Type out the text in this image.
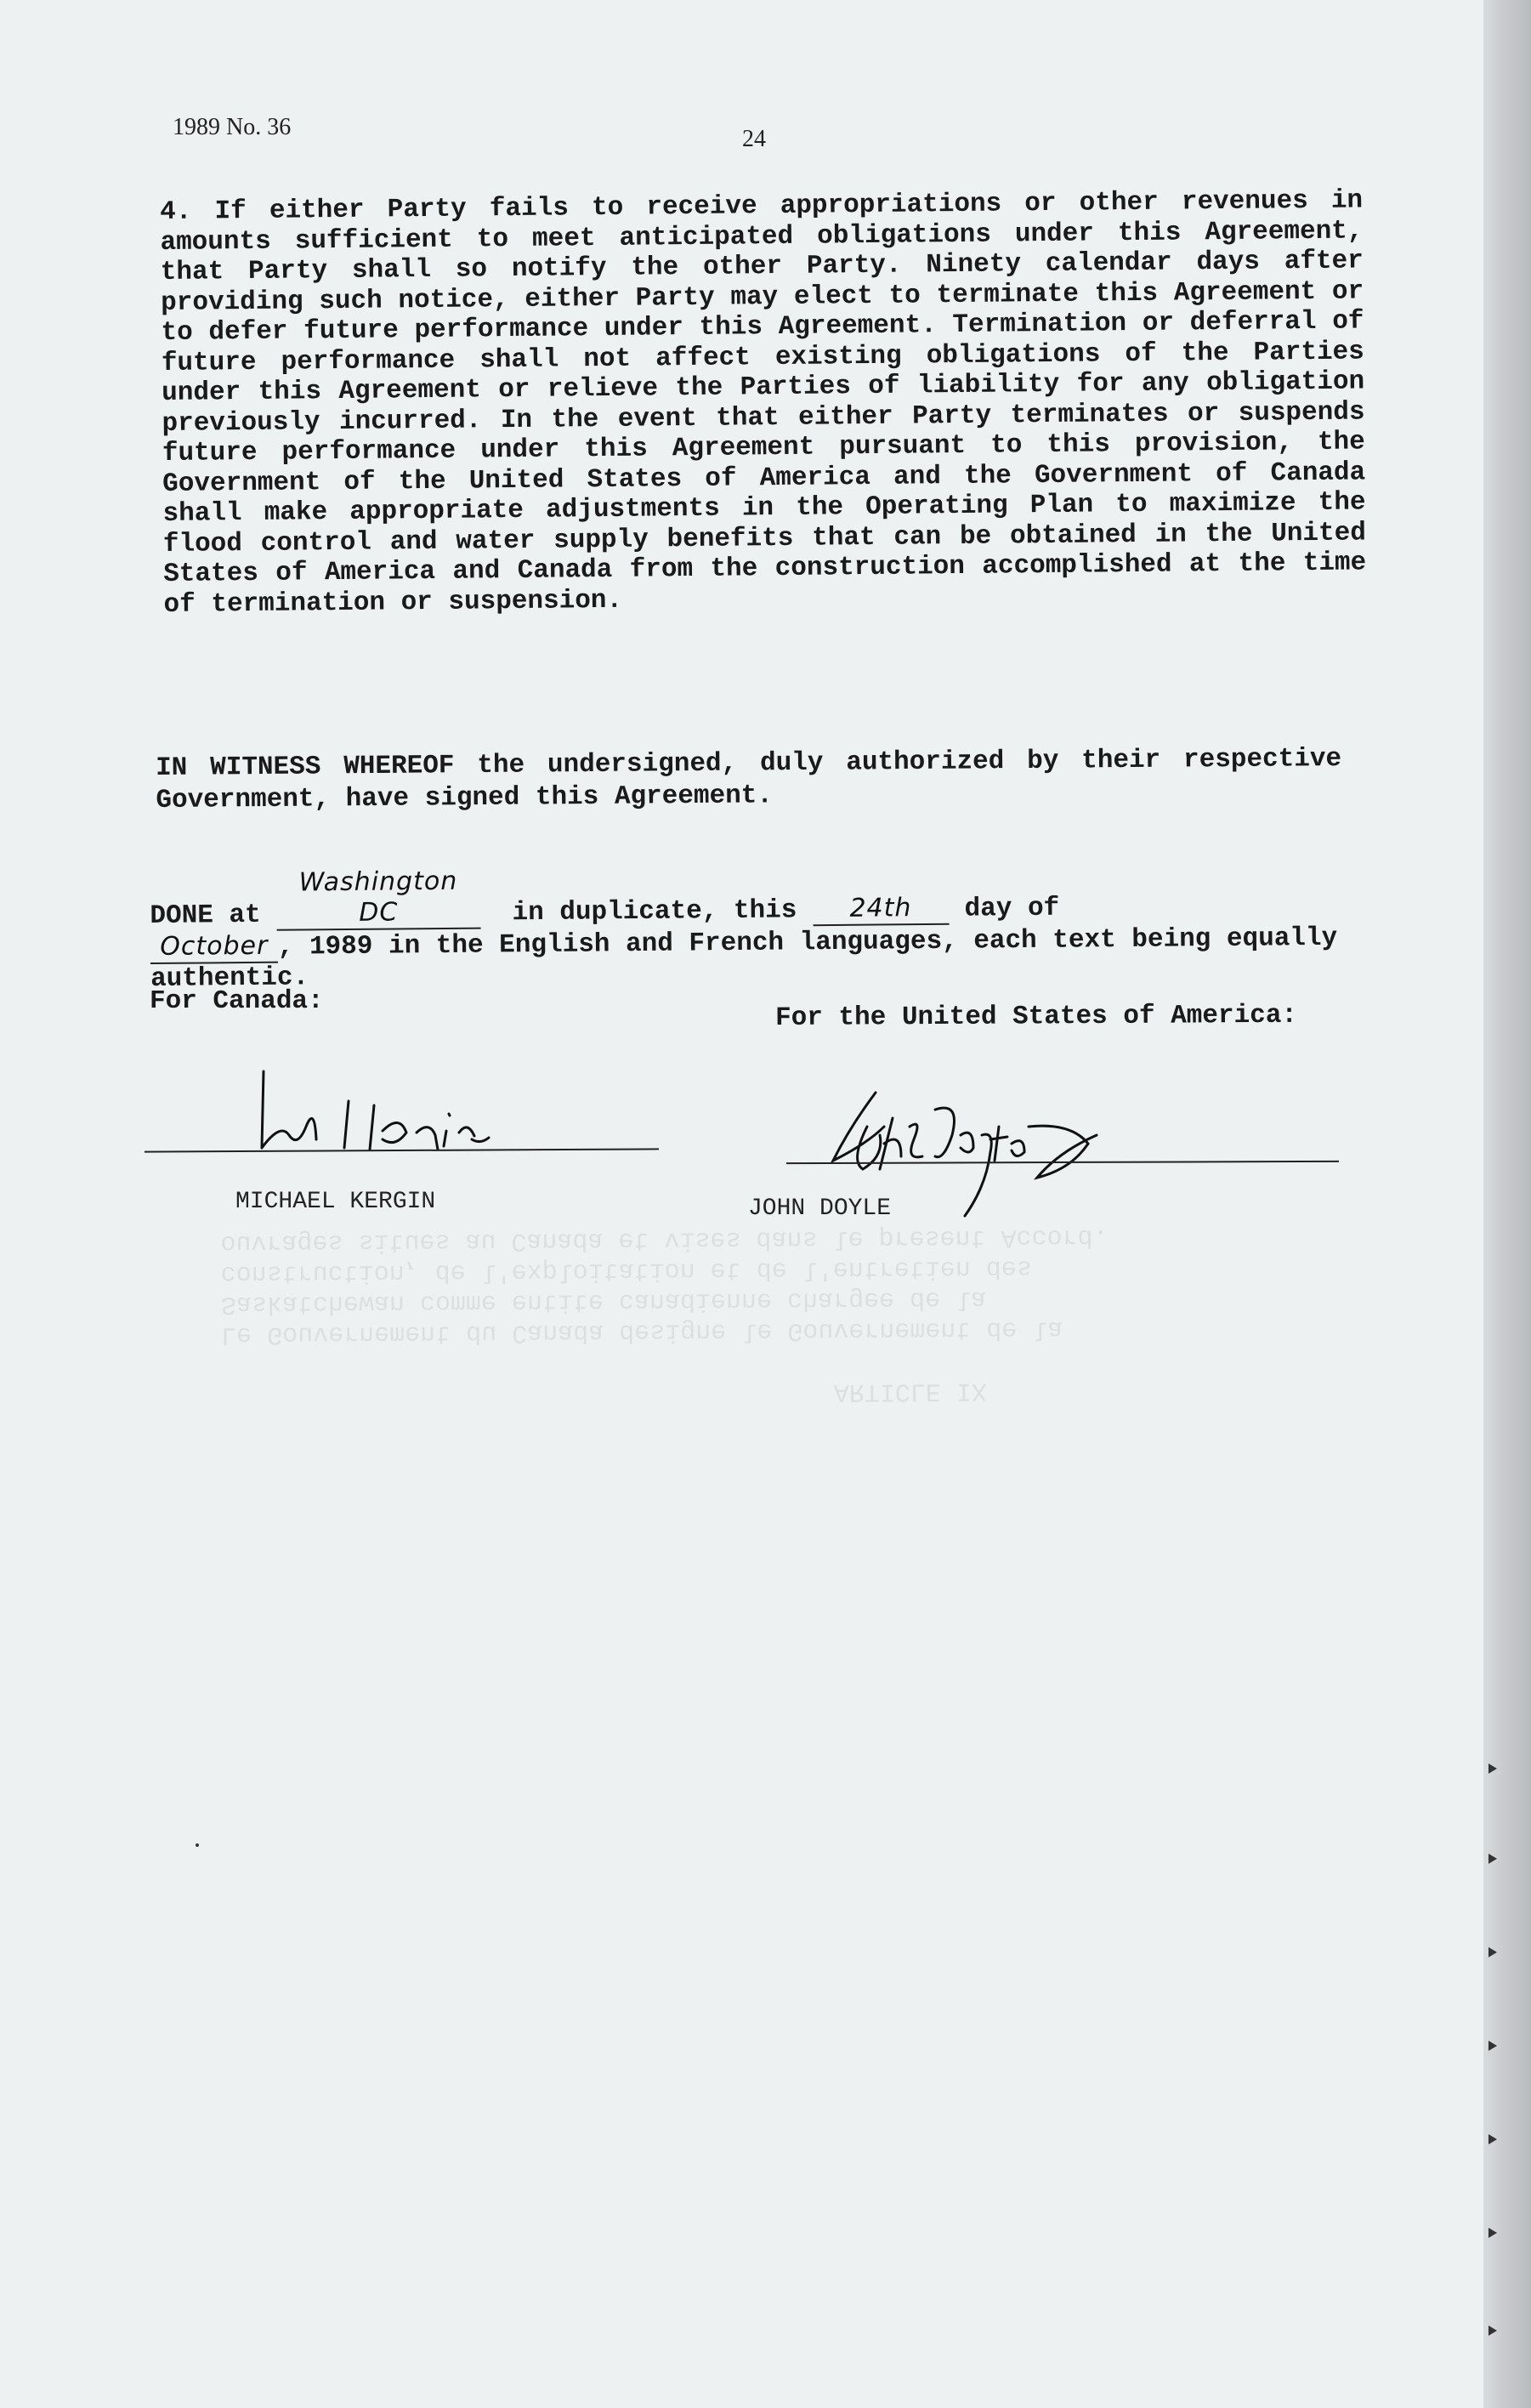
ARTICLE IX

Le Gouvernement du Canada designe le Gouvernement de la
Saskatchewan comme entite canadienne chargee de la
construction, de l'exploitation et de l'entretien des
ouvrages situes au Canada et vises dans le present Accord.
1989 No. 36	24

4. If either Party fails to receive appropriations or other revenues in amounts sufficient to meet anticipated obligations under this Agreement, that Party shall so notify the other Party. Ninety calendar days after providing such notice, either Party may elect to terminate this Agreement or to defer future performance under this Agreement. Termination or deferral of future performance shall not affect existing obligations of the Parties under this Agreement or relieve the Parties of liability for any obligation previously incurred. In the event that either Party terminates or suspends future performance under this Agreement pursuant to this provision, the Government of the United States of America and the Government of Canada shall make appropriate adjustments in the Operating Plan to maximize the flood control and water supply benefits that can be obtained in the United States of America and Canada from the construction accomplished at the time of termination or suspension.

IN WITNESS WHEREOF the undersigned, duly authorized by their respective Government, have signed this Agreement.

DONE at Washington DC	in duplicate, this 24th day of
October , 1989 in the English and French languages, each text being equally authentic.

For Canada:	For the United States of America:
MICHAEL KERGIN	JOHN DOYLE
